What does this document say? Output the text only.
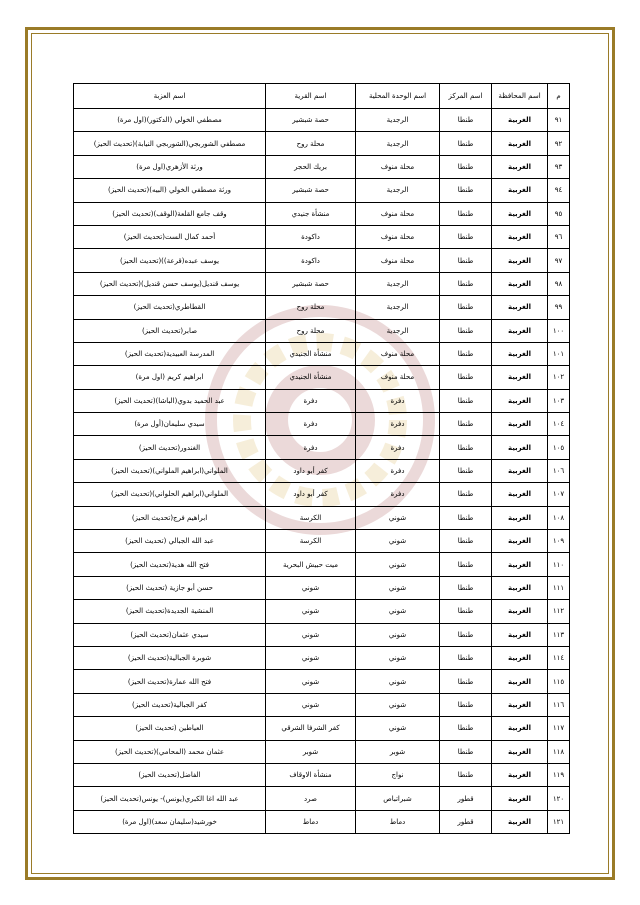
م	اسم المحافظة	اسم المركز	اسم الوحدة المحلية	اسم القرية	اسم العزبة
٩١	الغربية	طنطا	الرجدية	حصة شبشير	مصطفي الخولي (الدكتور)(اول مرة)
٩٢	الغربية	طنطا	الرجدية	محلة روح	مصطفي الشوربجي(الشوربجي النيابة)(تحديث الحيز)
٩٣	الغربية	طنطا	محلة منوف	بريك الحجر	ورثة الأزهري(اول مرة)
٩٤	الغربية	طنطا	الرجدية	حصة شبشير	ورثة مصطفي الخولي (البيه)(تحديث الحيز)
٩٥	الغربية	طنطا	محلة منوف	منشأة جنيدي	وقف جامع القلعة(الوقف)(تحديث الحيز)
٩٦	الغربية	طنطا	محلة منوف	داكودة	أحمد كمال الست(تحديث الحيز)
٩٧	الغربية	طنطا	محلة منوف	داكودة	يوسف عبده(قرعة))(تحديث الحيز)
٩٨	الغربية	طنطا	الرجدية	حصة شبشير	يوسف قنديل(يوسف حسن قنديل)(تحديث الحيز)
٩٩	الغربية	طنطا	الرجدية	محلة روح	القطاطري(تحديث الحيز)
١٠٠	الغربية	طنطا	الرجدية	محلة روح	صابر(تحديث الحيز)
١٠١	الغربية	طنطا	محلة منوف	منشأة الجنيدي	المدرسة العبيدية(تحديث الحيز)
١٠٢	الغربية	طنطا	محلة منوف	منشأة الجنيدي	ابراهيم كريم (اول مرة)
١٠٣	الغربية	طنطا	دفرة	دفرة	عبد الحميد بدوي(الباشا)(تحديث الحيز)
١٠٤	الغربية	طنطا	دفرة	دفرة	سيدي سليمان(أول مرة)
١٠٥	الغربية	طنطا	دفرة	دفرة	الغندور(تحديث الحيز)
١٠٦	الغربية	طنطا	دفرة	كفر أبو داود	الملواني(ابراهيم الملواني)(تحديث الحيز)
١٠٧	الغربية	طنطا	دفرة	كفر أبو داود	الملواني(ابراهيم الحلواني)(تحديث الحيز)
١٠٨	الغربية	طنطا	شوني	الكرسة	ابراهيم فرج(تحديث الحيز)
١٠٩	الغربية	طنطا	شوني	الكرسة	عبد الله الجبالي (تحديث الحيز)
١١٠	الغربية	طنطا	شوني	ميت حبيش البحرية	فتح الله هدية(تحديث الحيز)
١١١	الغربية	طنطا	شوني	شوني	حسن أبو جازية (تحديث الحيز)
١١٢	الغربية	طنطا	شوني	شوني	المنشية الجديدة(تحديث الحيز)
١١٣	الغربية	طنطا	شوني	شوني	سيدي عثمان(تحديث الحيز)
١١٤	الغربية	طنطا	شوني	شوني	شوبرة الجبالية(تحديث الحيز)
١١٥	الغربية	طنطا	شوني	شوني	فتح الله عمارة(تحديث الحيز)
١١٦	الغربية	طنطا	شوني	شوني	كفر الجبالية(تحديث الحيز)
١١٧	الغربية	طنطا	شوني	كفر الشرفا الشرقي	العياطين (تحديث الحيز)
١١٨	الغربية	طنطا	شوبر	شوبر	عثمان محمد (المحامي)(تحديث الحيز)
١١٩	الغربية	طنطا	نواج	منشأة الاوقاف	الفاضل(تحديث الحيز)
١٢٠	الغربية	قطور	شبراتباص	صرد	عبد الله اغا الكبري(يونس)- يونس(تحديث الحيز)
١٢١	الغربية	قطور	دماط	دماط	خورشيد(سليمان سعد)(اول مرة)
